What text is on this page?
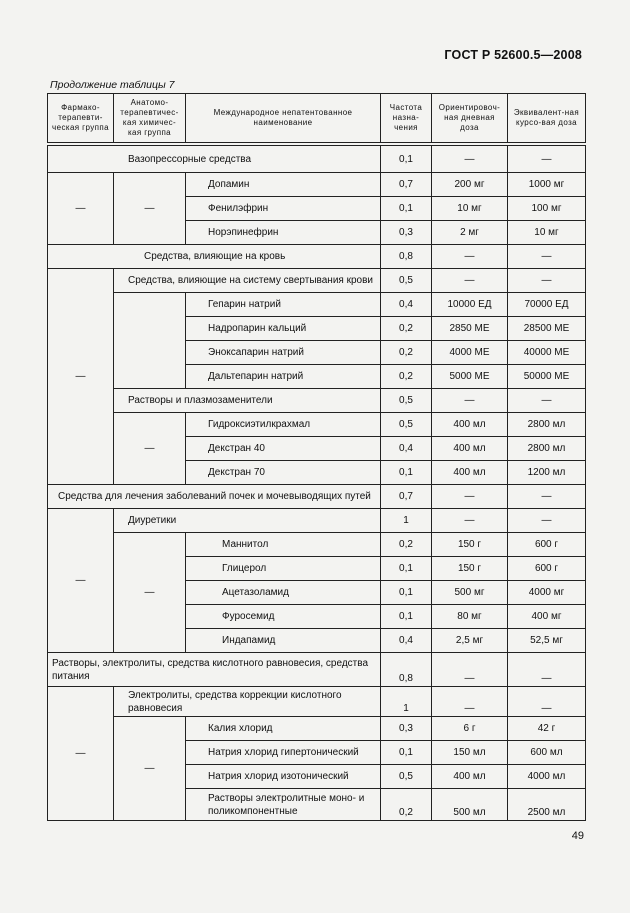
ГОСТ Р 52600.5—2008
Продолжение таблицы 7
Фармако-терапевти-ческая группа	Анатомо-терапевтичес-кая химичес-кая группа	Международное непатентованное наименование	Частота назна-чения	Ориентировоч-ная дневная доза	Эквивалент-ная курсо-вая доза

Вазопрессорные средства			0,1	—	—
—	—	Допамин	0,7	200 мг	1000 мг
		Фенилэфрин	0,1	10 мг	100 мг
		Норэпинефрин	0,3	2 мг	10 мг
Средства, влияющие на кровь			0,8	—	—
—	Средства, влияющие на систему свертывания крови		0,5	—	—
		Гепарин натрий	0,4	10000 ЕД	70000 ЕД
		Надропарин кальций	0,2	2850 МЕ	28500 МЕ
		Эноксапарин натрий	0,2	4000 МЕ	40000 МЕ
		Дальтепарин натрий	0,2	5000 МЕ	50000 МЕ
	Растворы и плазмозаменители		0,5	—	—
	—	Гидроксиэтилкрахмал	0,5	400 мл	2800 мл
		Декстран 40	0,4	400 мл	2800 мл
		Декстран 70	0,1	400 мл	1200 мл
Средства для лечения заболеваний почек и мочевыводящих путей			0,7	—	—
—	Диуретики		1	—	—
	—	Маннитол	0,2	150 г	600 г
		Глицерол	0,1	150 г	600 г
		Ацетазоламид	0,1	500 мг	4000 мг
		Фуросемид	0,1	80 мг	400 мг
		Индапамид	0,4	2,5 мг	52,5 мг
Растворы, электролиты, средства кислотного равновесия, средства питания			0,8	—	—
—	Электролиты, средства коррекции кислотного равновесия		1	—	—
	—	Калия хлорид	0,3	6 г	42 г
		Натрия хлорид гипертонический	0,1	150 мл	600 мл
		Натрия хлорид изотонический	0,5	400 мл	4000 мл
		Растворы электролитные моно- и поликомпонентные	0,2	500 мл	2500 мл
49
